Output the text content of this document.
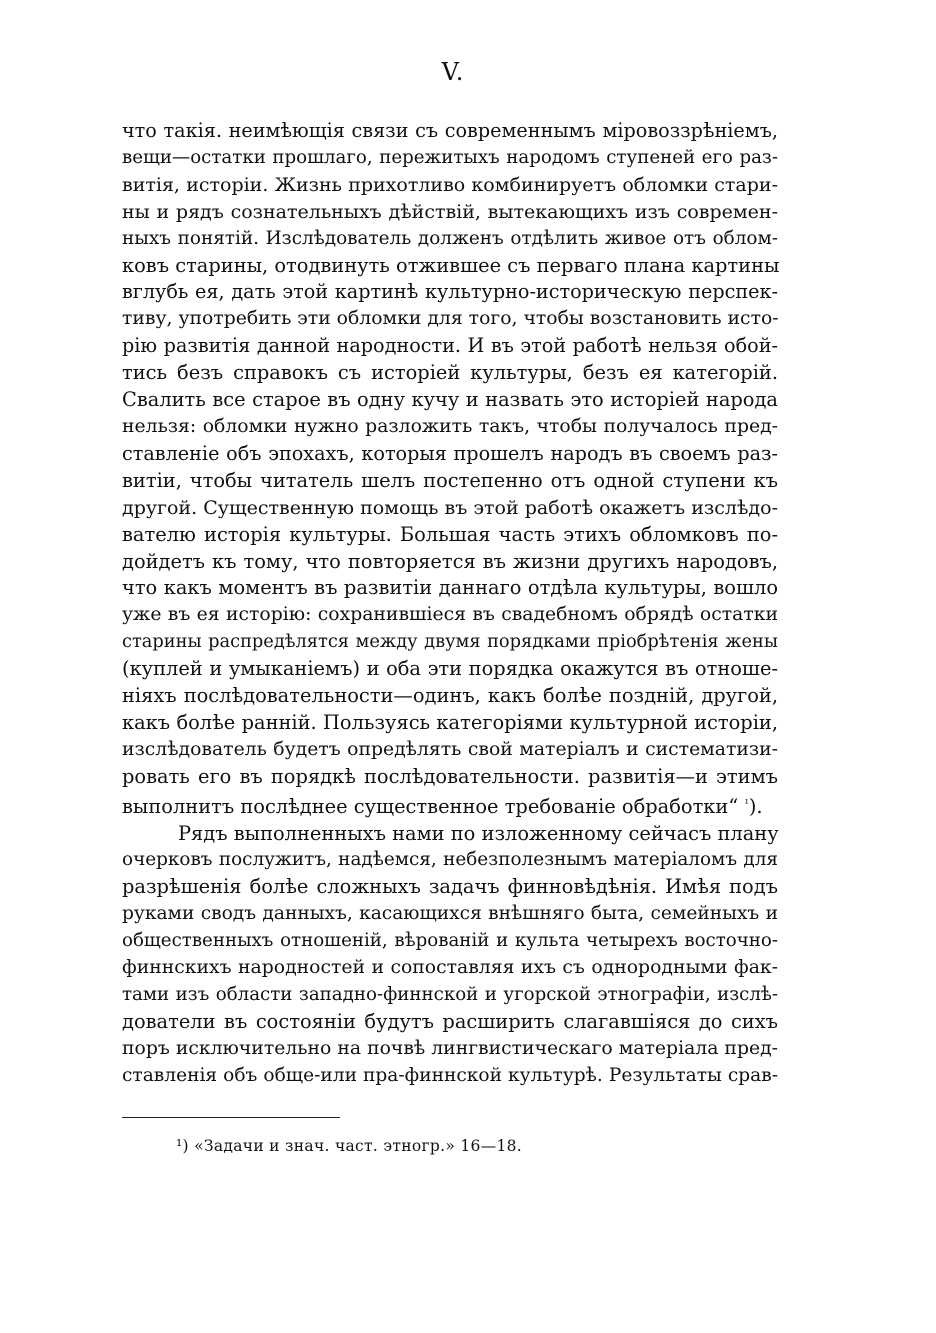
V.
что такія. неимѣющія связи съ современнымъ міровоззрѣніемъ,
вещи—остатки прошлаго, пережитыхъ народомъ ступеней его раз-
витія, исторіи. Жизнь прихотливо комбинируетъ обломки стари-
ны и рядъ сознательныхъ дѣйствій, вытекающихъ изъ современ-
ныхъ понятій. Изслѣдователь долженъ отдѣлить живое отъ облом-
ковъ старины, отодвинуть отжившее съ перваго плана картины
вглубь ея, дать этой картинѣ культурно-историческую перспек-
тиву, употребить эти обломки для того, чтобы возстановить исто-
рію развитія данной народности. И въ этой работѣ нельзя обой-
тись безъ справокъ съ исторіей культуры, безъ ея категорій.
Свалить все старое въ одну кучу и назвать это исторіей народа
нельзя: обломки нужно разложить такъ, чтобы получалось пред-
ставленіе объ эпохахъ, которыя прошелъ народъ въ своемъ раз-
витіи, чтобы читатель шелъ постепенно отъ одной ступени къ
другой. Существенную помощь въ этой работѣ окажетъ изслѣдо-
вателю исторія культуры. Большая часть этихъ обломковъ по-
дойдетъ къ тому, что повторяется въ жизни другихъ народовъ,
что какъ моментъ въ развитіи даннаго отдѣла культуры, вошло
уже въ ея исторію: сохранившіеся въ свадебномъ обрядѣ остатки
старины распредѣлятся между двумя порядками пріобрѣтенія жены
(куплей и умыканіемъ) и оба эти порядка окажутся въ отноше-
ніяхъ послѣдовательности—одинъ, какъ болѣе поздній, другой,
какъ болѣе ранній. Пользуясь категоріями культурной исторіи,
изслѣдователь будетъ опредѣлять свой матеріалъ и систематизи-
ровать его въ порядкѣ послѣдовательности. развитія—и этимъ
выполнитъ послѣднее существенное требованіе обработки“ $^{^1}$).
Рядъ выполненныхъ нами по изложенному сейчасъ плану
очерковъ послужитъ, надѣемся, небезполезнымъ матеріаломъ для
разрѣшенія болѣе сложныхъ задачъ финновѣдѣнія. Имѣя подъ
руками сводъ данныхъ, касающихся внѣшняго быта, семейныхъ и
общественныхъ отношеній, вѣрованій и культа четырехъ восточно-
финнскихъ народностей и сопоставляя ихъ съ однородными фак-
тами изъ области западно-финнской и угорской этнографіи, изслѣ-
дователи въ состояніи будутъ расширить слагавшіяся до сихъ
поръ исключительно на почвѣ лингвистическаго матеріала пред-
ставленія объ обще-или пра-финнской культурѣ. Результаты срав-
¹) «Задачи и знач. част. этногр.» 16—18.
